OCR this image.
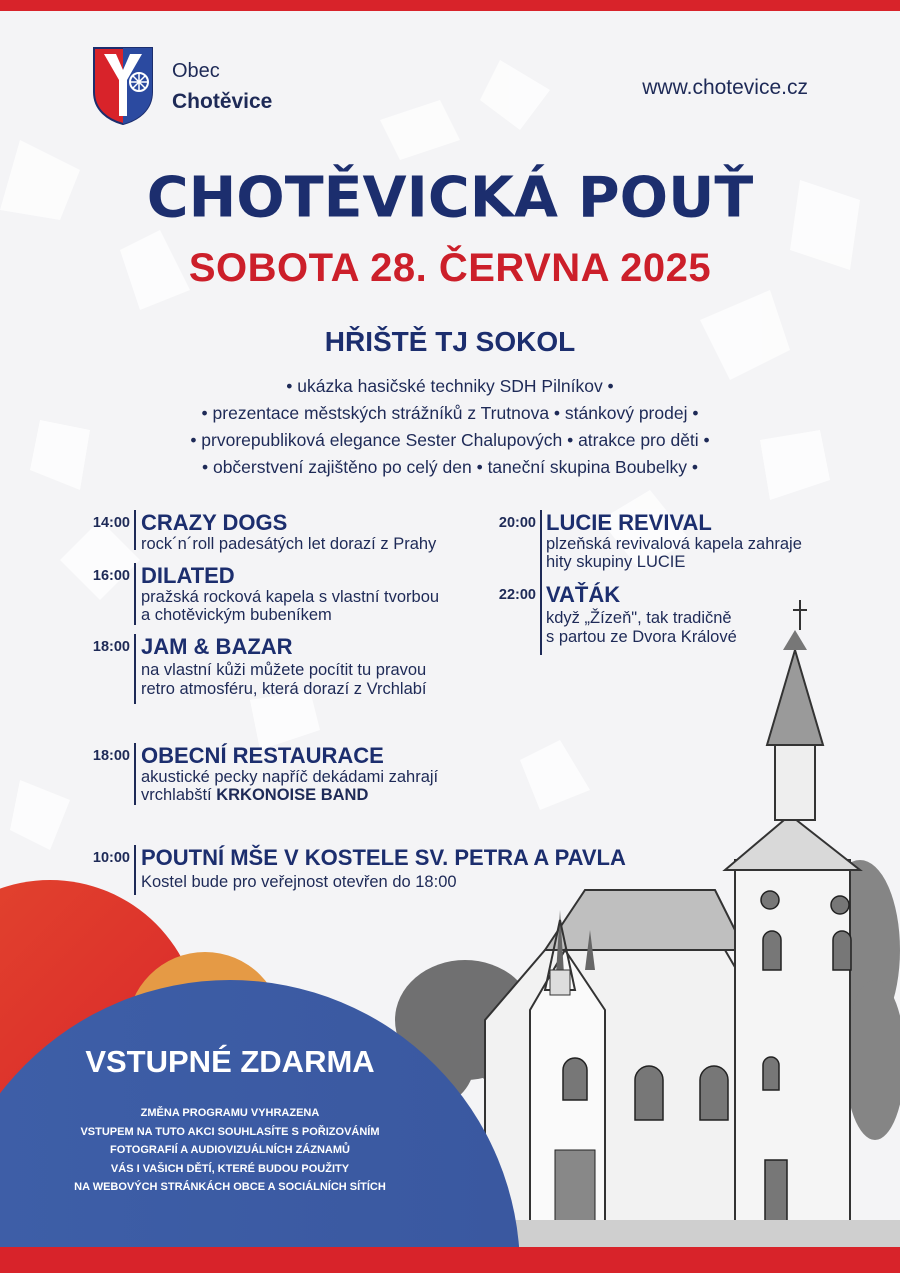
Obec
Chotěvice
www.chotevice.cz
CHOTĚVICKÁ POUŤ
SOBOTA 28. ČERVNA 2025
HŘIŠTĚ TJ SOKOL
• ukázka hasičské techniky SDH Pilníkov •
• prezentace městských strážníků z Trutnova • stánkový prodej •
• prvorepubliková elegance Sester Chalupových • atrakce pro děti •
• občerstvení zajištěno po celý den • taneční skupina Boubelky •
14:00 CRAZY DOGS
rock´n´roll padesátých let dorazí z Prahy
16:00 DILATED
pražská rocková kapela s vlastní tvorbou
a chotěvickým bubeníkem
18:00 JAM & BAZAR
na vlastní kůži můžete pocítit tu pravou
retro atmosféru, která dorazí z Vrchlabí
20:00 LUCIE REVIVAL
plzeňská revivalová kapela zahraje
hity skupiny LUCIE
22:00 VAŤÁK
když „Žízeň", tak tradičně
s partou ze Dvora Králové
18:00 OBECNÍ RESTAURACE
akustické pecky napříč dekádami zahrají
vrchlabští KRKONOISE BAND
10:00 POUTNÍ MŠE V KOSTELE SV. PETRA A PAVLA
Kostel bude pro veřejnost otevřen do 18:00
VSTUPNÉ ZDARMA
ZMĚNA PROGRAMU VYHRAZENA
VSTUPEM NA TUTO AKCI SOUHLASÍTE S POŘIZOVÁNÍM
FOTOGRAFIÍ A AUDIOVIZUÁLNÍCH ZÁZNAMŮ
VÁS I VAŠICH DĚTÍ, KTERÉ BUDOU POUŽITY
NA WEBOVÝCH STRÁNKÁCH OBCE A SOCIÁLNÍCH SÍTÍCH
